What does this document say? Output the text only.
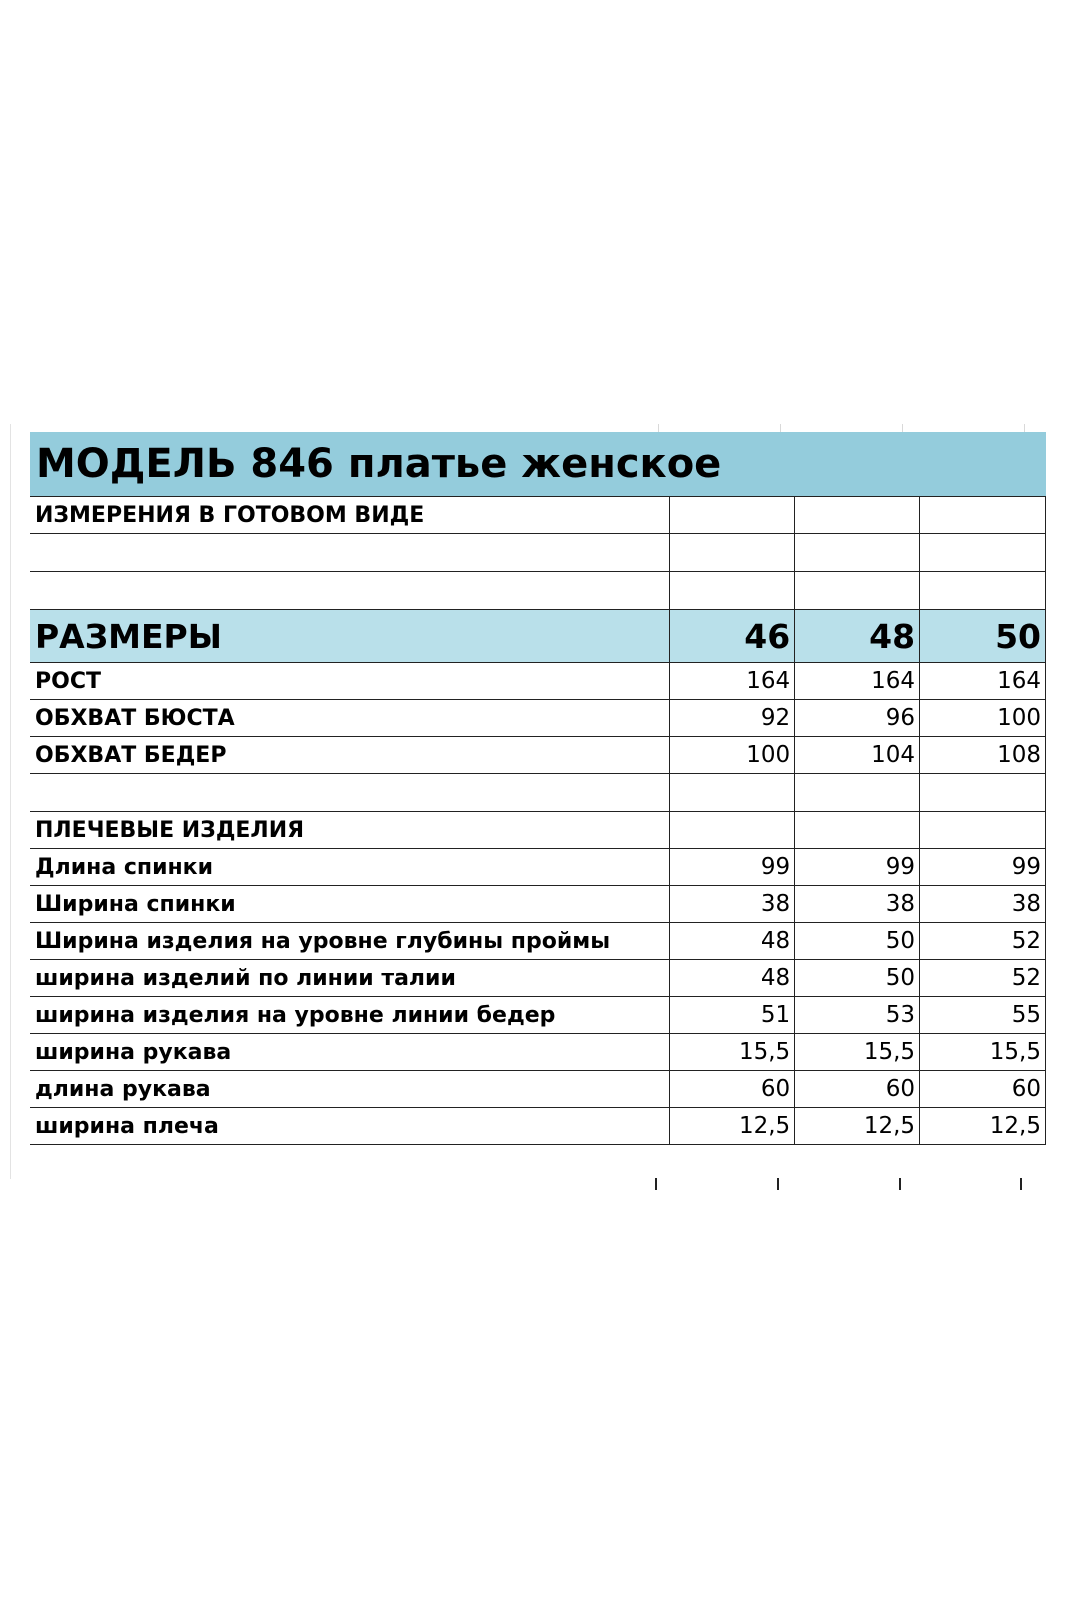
МОДЕЛЬ 846 платье женское			
ИЗМЕРЕНИЯ В ГОТОВОМ ВИДЕ			

РАЗМЕРЫ	46	48	50
РОСТ	164	164	164
ОБХВАТ БЮСТА	92	96	100
ОБХВАТ БЕДЕР	100	104	108

ПЛЕЧЕВЫЕ ИЗДЕЛИЯ			
Длина спинки	99	99	99
Ширина спинки	38	38	38
Ширина изделия на уровне глубины проймы	48	50	52
ширина изделий по линии талии	48	50	52
ширина изделия на уровне линии бедер	51	53	55
ширина рукава	15,5	15,5	15,5
длина рукава	60	60	60
ширина плеча	12,5	12,5	12,5
